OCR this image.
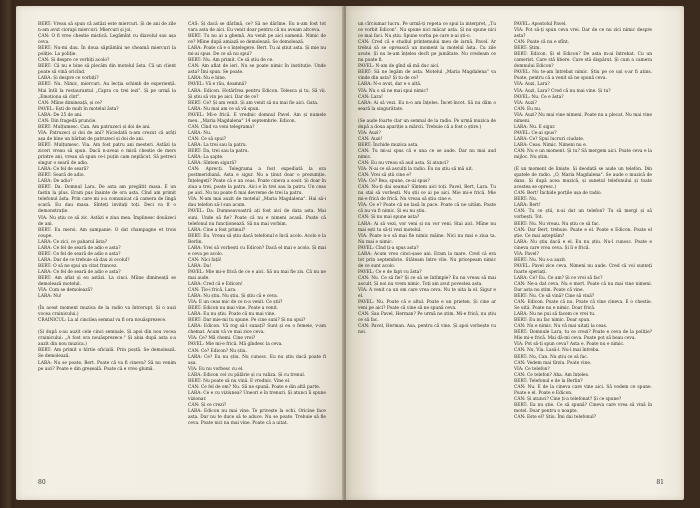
BERT: Vreau să spun că astăzi este miercuri. Și de ani de zile n-am avut ciorapi miercuri. Miercuri și joi.

CAN: O fi vreo chestie mistică. Legămînt cu diavolul sau așa ceva.

BERT: Nu-mi dau. În doua săptămîni ne cheamă miercuri la poliție. La poliție.

CAN: Și despre ce vorbiți acolo?

BERT: Că nu e bine să plecăm din motelul ăsta. Că un client poate să vină oricînd.

LARA: Și despre ce vorbiți?

BERT: Nu. Nimic, miercuri. Au lecția schimb de experiență. Mai întîi la restaurantul „Capra cu trei iezi". Și pe urmă la „Emoționa să cînt".

CAN: Mîine dimineață, și ce?

PAVEL: Ești de mult în motelul ăsta?

LARA: De 25 de ani.

CAN: Din fragedă pruncie.

BERT: Mulțumesc. Can. Am patruzeci și doi de ani.

VIA: Patruzeci și doi de ani? Niciodată n-am crezut că arăți așa de bine un bărbat de patruzeci și doi de ani.

BERT: Mulțumesc. Via. Am fost patru ani mesteri. Astăzi la ziceri vreau să spun. Dacă n-aveai o mică chestie de mers printre ani, vreau să spun ce-i puțin cam neplăcut. Să petreci singur o seară de adio.

LARA: Ce fel de seară?

BERT: Seară de adio.

LARA: De adio?

BERT: Da. Domnul Lara. De asta am pregătit masa. E un fastin la plus. Eram pus înainte de ora asta. Cînd am primit telefonul ăsta. Prin care mi s-a comunicat că camera de lîngă scară. Eu dau masa. Sînteți invitați toți. Deci va fi o demonstrație.

VIA: Nu știu ce să zic. Astăzi e ziua mea. Împlinesc douăzeci de ani.

BERT: Eu mersi. Am șampanie. O dat champagne et trois coupe.

LARA: Ce zici, ce paharul ăsta?

LARA: Ce fel de seară de adio e asta?

BERT: Ce fel de seară de adio e asta?

LARA: Dar de ce trebuie să dau zi ocolul?

BERT: O să ne spui un citat francez.

LARA: Ce fel de seară de adio e asta?

BERT: Am aflat și eu astăzi. La cinci. Mîine dimineață se demolează motelul.

VIA: Cum se demolează?

LARA: Nu!

(În acest moment muzica de la radio va întrerupt. Și o auzi vocea crainicului.)

CRAINICUL: La al cincilea semnal va fi ora nouăsprezece.

(Și după s-au auzit cele cinci semnale. Și apoi din nou vocea crainicului: „A fost ora nouăsprezece." Și abia după asta s-a auzit din nou muzica.)

BERT: Am primit o hîrtie oficială. Prin poștă. Se demolează. Se demolează.

LARA: Nu se poate, Bert. Poate că va fi cineva? Să nu venim pe aici? Poate e din greșeală. Poate că e vreo glumă.

CAS: Și dacă se dărîmă, ce? Să ne dărîme. Eu n-am fost tot vara asta de aici. Eu venit doar pentru că nu aveam altceva.

BERT: Tu nu ai a ghemă. Au venit pe aici oamenii. Nimic de ce? Mîine după amiază se demolează. Se demolează.

LARA: Poate că e o înțelegere. Bert. Tu ai știut asta. Și mie nu mi-ai spus. De ce să nu spui?

BERT: Nu. Am primit. Ce să știu de ce.

CAN: Am aflat de ieri. Nu se poate nimic în instituție. Unde asta? Îmi spun. Se poate.

LARA: Nu e bine.

PAVEL: Vă e rău, doamnă?

LARA: Edicon. Hotărîrea pentru Edicon. Telesca și tu. Să vii. Și știu să vin pe aici. Dar de ce?

BERT: Ce? Și am venit. Și am venit să nu mai fie aici. Gata.

LARA: Nu mai am ce să vă spun.

PAVEL: Mi-e frică. E vrednic domnul Pavel. Am și numele meu. „Maria Magdalena" 14 septembrie. Edicon.

CAN: Cînd va veni telegrama?

LARA: Nu.

CAN: Ce să spui?

LARA: La trei sau la patru.

BERT: Da, trei sau la patru.

LARA: La șapte.

LARA: Sîntem sigură?

CAN: Aprecți. Telegrama a fost expediată la ora postmeridiană. Asta e sigur. Nu a ținut doar o prezumție. Înțelegeți? Poate că e un ceas. Poate cineva a sosit. Și doar în ziua a trei, poate la patru. Aici e în trei sau la patru. Un ceas pe aici. Nu nu poate fi mai devreme de trei la patru.

VIA: N-am mai auzit de motelul „Maria Magdalena". Hai să-i dau telefon să-l sun acum.

PAVEL: Da. Dumneavoastră ați fost aici de data asta. Mai suni. Unde să fie? Poate că nu e nimeni acasă. Poate că telefonul nu funcționează. Să nu mai vorbim.

LARA: Cine a fost primul?

BERT: Eu. Vreau să știu dacă telefonul e încă acolo. Acolo e la Berlin.

LARA: Vrei să vorbești cu Edicon? Dacă el mai e acolo. Și mai e ceva pe acolo.

CAN: Nici față!

LARA: Da!

PAVEL: Mie mi-e frică de ce e aici. Să nu mai fie zis. Că nu ne mai aude.

LARA: Cred că e Edicon!

CAN: Ție-i frică, Lara.

LARA: Nu știu. Nu știu. Și știu că e ceva.

VIA: E un ceas mic de ce n-a venit. Ce știi?

BERT: Edicon nu mai vine. Poate a venit.

LARA: Eu nu știu. Poate că nu mai vine.

BERT: Dar mie-mi tu spune. Pe cine suni? Și nu spui?

LARA: Edicon. Vă rog să-l sunați? Sunt și eu o femeie, v-am chemat. Acum vă ve mai zice ceva.

VIA: Ce? Mă chemi. Cine vrei?

PAVEL: Mie mi-e frică. Mă gîndesc la ceva.

CAN: Ce? Edicon? Nu știu.

LARA: Ce? Eu nu știu. Nu cunosc. Eu nu știu dacă poate fi așa.

VIA: Eu nu vorbesc cu el.

LARA: Edicon cel cu pălărie și cu valiza. Și cu trenul.

BERT: Nu poate să nu vină. E vrednic. Vine el.

CAN: Ce fel de om? Nu. Să ne spună. Poate e din altă parte.

LARA: Ce e cu viziunea? Uneori e în trenuri. Și atunci îi spune vizionar.

CAN: Și ce crezi?

LARA: Edicon nu mai vine. Te privește la ochi. Oricine face asta. Dar nu te duce să te aduce. Nu se poate. Trebuie să fie ceva. Poate nici nu mai vine. Poate că a uitat.

80

un cîrciumar lucru. Pe urmă-ți repeta ce spui la interpret, „Tu ce vorbit Edicon". Nu spune nici măcar asta. Și nu spune nici ce mai faci. Nu știu. Spune vorba pe care n-ai ști-o.

CAN: Cred că e studiul printemului meu de iarnă. Pavel. Ar trebui să se oprească un moment la motelul ăsta. Cu zile avute. Și nu le-am înțeles decît pe jumătate. Nu credeam ce nu poate fi.

PAVEL: N-am de gînd să mă duc aici.

BERT: Să ne legăm de asta. Motelul „Maria Magdalena" va vinde din asta? Și tu de ce?

LARA: N-o avut, dar e o altă.

VIA: Nu o să ne mai spui nimic?

CAN: Lara!

LARA: Ai să vezi. Eu n-o am înțeles. Încet-încet. Să nu dăm o seară la singurătate.

(Se aude foarte clar un semnal de la radio. Pe urmă muzica de după a doua apariție a mărcii. Trebuie că a fost o știre.)

VIA: Auzi?

CAN: Auzi!

BERT: Închide muzica asta.

CAN: Tu mi-ai spus că e una ce se aude. Dar nu mai aud nimic.

CAN: Eu nu vreau să aud asta. Și atunci?

VIA: N-ai ce să asculți la radio. Eu nu știu să mă uit.

CAN: Vrei să știi cine e?

VIA: Ce? Bea, spune, ce-ai spus?

CAN: Nu-ți dai seama? Sîntem aici toți. Pavel, Bert, Lara. Tu nu stai să vorbești. Nu știi ce ai pe aici. Mie mi-e frică. Mie mi-e frică de frică. Nu vreau să știu cine e.

VIA: Ce e? Poate că ne lasă în pace. Poate că ne uităm. Poate că nu va fi nimic. Și eu nu știu.

CAN: Și nu mai spune asta?

LARA: Ai să vezi, vor veni și nu vor veni. Stai aici. Mîine nu mai ești tu să-ți vezi motelul.

VIA: Poate n-o să mai fie nimic mâine. Nici nu mai e ziua ta. Nu mai e nimic.

PAVEL: Cînd ți-a spus asta?

LARA: Acum vreo cinci-șase ani. Eram la mare. Cred că era tot prin septembrie. Stăteam între vile. Nu pricepeam nimic de ce sunt acolo.

PAVEL: Ce e de fapt cu ăsta?

CAN: Nu. Ce să fie? Și ce să se întîmple? Eu nu vreau să mai ascult. Și noi nu vrem nimic. Toți am avut povestea asta.

VIA: A venit ca un om care vrea ceva. Nu te uita la el. Sigur e el.

PAVEL: Nu. Poate că e altul. Poate e un prieten. Și cine ar veni pe aici? Poate că vine să ne spună ceva.

CAN: Sau Pavel, Herman? Pe urmă ne știm. Mi-e frică, nu știu ce să fac.

CAN: Pavel, Herman. Asa, pentru că vine. Și apoi vorbește cu noi.

PAVEL: Apostolul Pavel.

VIA: Pot să-ți spun ceva vrei. Dar de ce nu zici nimic despre asta?

CAN: Poate că nu e sfînt.

BERT: Știm.

BERT: Edicon. Și el Edicon? De asta m-ai întrebat. Cu un camerist. Care stă libere. Care stă dispărut. Și cum a camera domnului Edicon?

PAVEL: Nu te-am întrebat nimic. Știu pe ce uși s-ar fi atins. Poate, pentru că a venit să ne spună ceva.

VIA: Auzi, Lara?

VIA: Auzi, Lara? Cred că nu mai vine. Și tu?

PAVEL: Nu. Ce e ăsta?

VIA: Auzi?

CAN: Eu nu.

VIA: Auzi? Nu mai vine nimeni. Poate nu a plecat. Nu mai vine nimeni.

LARA: Nu. E sigur.

PAVEL: Ce-ai spus?

LARA: Ce? Spui lucruri ciudate.

LARA: Ceas. Nimic. Nimeni nu e.

CAN: Nu e un moment. Și tu? Să mergem aici. Poate ceva e la mijloc. Nu știm.

(E un moment de liniște. Și deodată se aude un telefon. Din spatele de radio. „O, Maria Magdalena". Se aude o muzică de dans. Și după acea muzică, și sunetul telefonului și toate acestea se opresc.)

CAN: Bert! Închide porțile ușa de radio.

BERT: Nu.

LARA: Bert!

CAN: Tu ce știi, n-ai dat un telefon? Tu să mergi și să vorbești. Tot.

BERT: Nu. Nu vreau. Nu știu ce să fac.

CAN: Dar Bert, trebuie. Poate e el. Poate e Edicon. Poate el știe. Ce mai așteptăm?

LARA: Nu știu dacă e el. Eu nu știu. Nu-l cunosc. Poate e cineva care vrea ceva. Și îi e frică.

VIA: Pavel?

BERT: Nu. Nu s-a auzit.

PAVEL: Pavel zice ceva. Nimeni nu aude. Cred că voi sunteți foarte speriați.

LARA: Ce? Eu. Ce am? Și ce vrei să fac?

CAN: Ne-a dat ceva. Nu e mort. Poate că nu mai vine nimeni. Dar asta nu știm. Poate că vine.

BERT: Nu. Ce să vină? Cine să vină?

CAN: Edicon. Poate că nu. Poate că vine cineva. E o chestie. Se uită. Poate nu e nimic. Doar frică.

LARA: Nu ne pui să facem ce vrei tu.

BERT: Eu nu fac nimic. Doar spun.

CAN: Nu e nimic. Nu vă mai uitați la ceas.

BERT: Domnule Lara, tu ce crezi? Poate e ceva de la poliție? Mie mi-e frică. Mai dă-mi ceva. Poate pot să beau ceva.

VIA: Pot să-ți spun ceva? Asta e. Poate nu e nimic.

CAN: Nu, Via. Lasă-l. Nu-l mai întreba.

BERT: Nu, Can. Nu știu ce să fac.

CAN: Vedem mai tîrziu. Poate vine.

VIA: Ce telefon?

CAN: Ce telefon? Aha. Am înțeles.

BERT: Telefonul e de la Berlin?

CAN: Nu. E de la cineva care vine aici. Să vedem ce spune. Poate e el. Poate e Edicon.

CAN: Și atunci? Cine ți-a telefonat? Și ce spune?

BERT: Ea nu știe. Ce să spună? Cineva care vrea să vină în motel. Doar pentru o noapte.

CAN: Este el? Știu. Îmi dai telefonul?

81
